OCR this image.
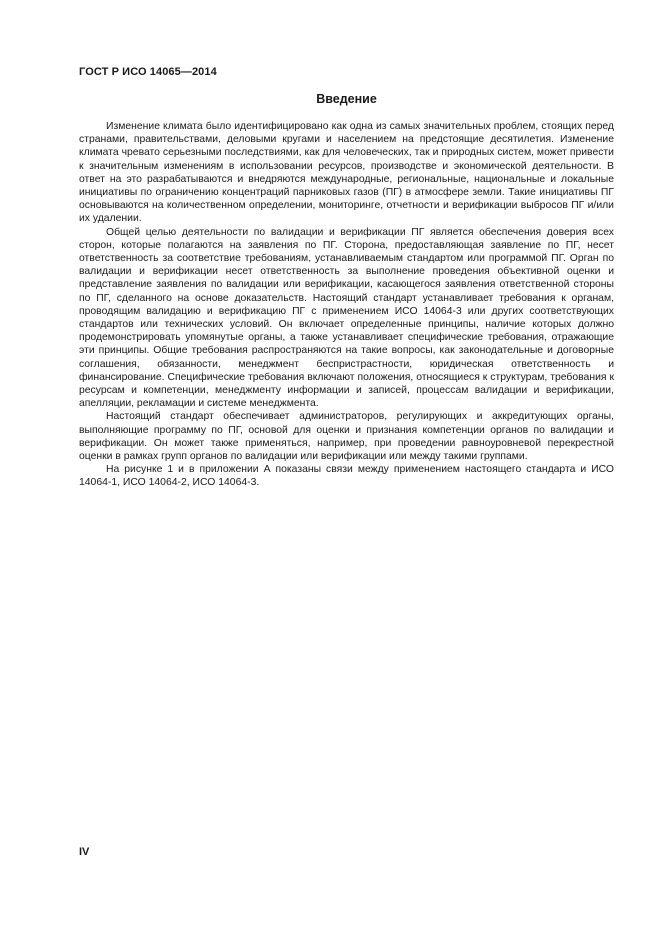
ГОСТ Р ИСО 14065—2014
Введение

Изменение климата было идентифицировано как одна из самых значительных проблем, стоящих перед странами, правительствами, деловыми кругами и населением на предстоящие десятилетия. Изменение климата чревато серьезными последствиями, как для человеческих, так и природных систем, может привести к значительным изменениям в использовании ресурсов, производстве и экономической деятельности. В ответ на это разрабатываются и внедряются международные, региональные, национальные и локальные инициативы по ограничению концентраций парниковых газов (ПГ) в атмосфере земли. Такие инициативы ПГ основываются на количественном определении, мониторинге, отчетности и верификации выбросов ПГ и/или их удалении.

Общей целью деятельности по валидации и верификации ПГ является обеспечения доверия всех сторон, которые полагаются на заявления по ПГ. Сторона, предоставляющая заявление по ПГ, несет ответственность за соответствие требованиям, устанавливаемым стандартом или программой ПГ. Орган по валидации и верификации несет ответственность за выполнение проведения объективной оценки и представление заявления по валидации или верификации, касающегося заявления ответственной стороны по ПГ, сделанного на основе доказательств. Настоящий стандарт устанавливает требования к органам, проводящим валидацию и верификацию ПГ с применением ИСО 14064-3 или других соответствующих стандартов или технических условий. Он включает определенные принципы, наличие которых должно продемонстрировать упомянутые органы, а также устанавливает специфические требования, отражающие эти принципы. Общие требования распространяются на такие вопросы, как законодательные и договорные соглашения, обязанности, менеджмент беспристрастности, юридическая ответственность и финансирование. Специфические требования включают положения, относящиеся к структурам, требования к ресурсам и компетенции, менеджменту информации и записей, процессам валидации и верификации, апелляции, рекламации и системе менеджмента.

Настоящий стандарт обеспечивает администраторов, регулирующих и аккредитующих органы, выполняющие программу по ПГ, основой для оценки и признания компетенции органов по валидации и верификации. Он может также применяться, например, при проведении равноуровневой перекрестной оценки в рамках групп органов по валидации или верификации или между такими группами.

На рисунке 1 и в приложении А показаны связи между применением настоящего стандарта и ИСО 14064-1, ИСО 14064-2, ИСО 14064-3.

IV
